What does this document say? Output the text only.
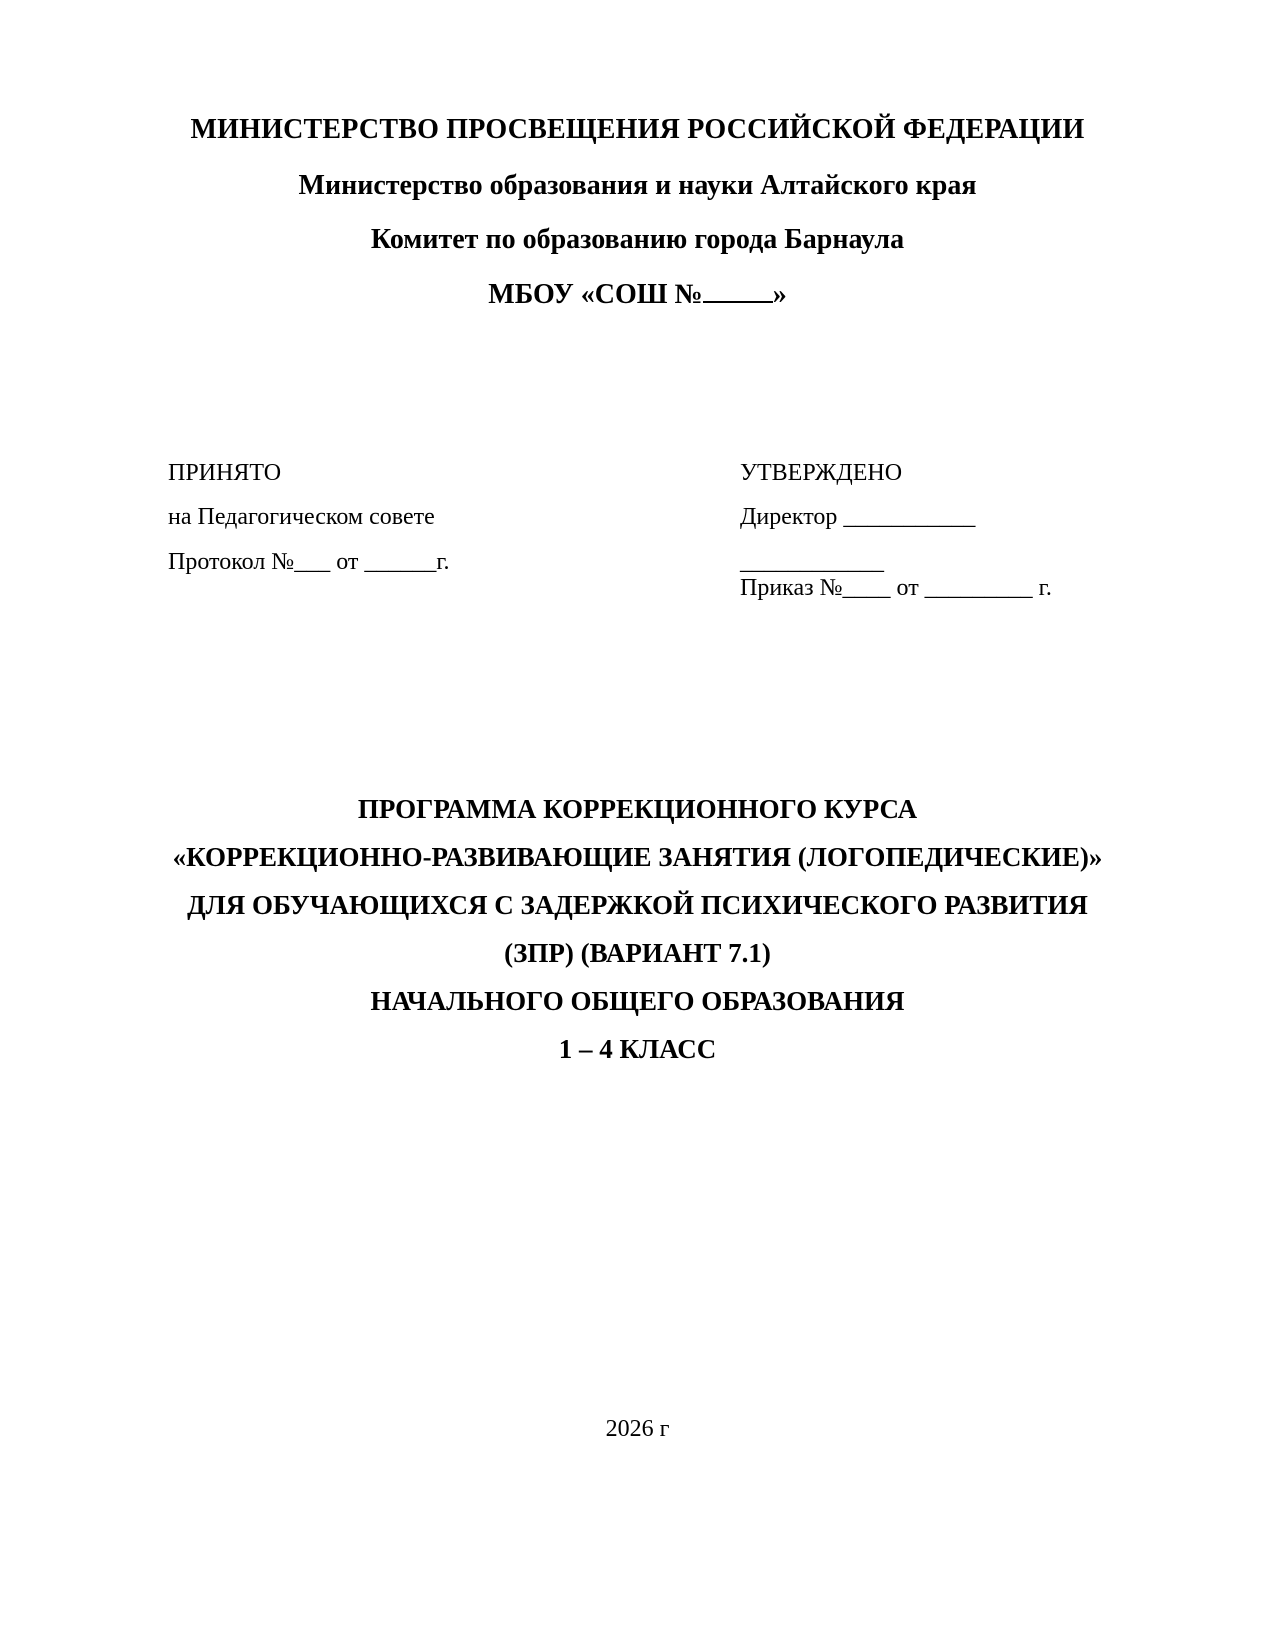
МИНИСТЕРСТВО ПРОСВЕЩЕНИЯ РОССИЙСКОЙ ФЕДЕРАЦИИ
Министерство образования и науки Алтайского края
Комитет по образованию города Барнаула
МБОУ «СОШ №	»
ПРИНЯТО
на Педагогическом совете
Протокол №___ от ______г.
УТВЕРЖДЕНО
Директор ___________
____________
Приказ №____ от _________ г.
ПРОГРАММА КОРРЕКЦИОННОГО КУРСА
«КОРРЕКЦИОННО-РАЗВИВАЮЩИЕ ЗАНЯТИЯ (ЛОГОПЕДИЧЕСКИЕ)»
ДЛЯ ОБУЧАЮЩИХСЯ С ЗАДЕРЖКОЙ ПСИХИЧЕСКОГО РАЗВИТИЯ
(ЗПР) (ВАРИАНТ 7.1)
НАЧАЛЬНОГО ОБЩЕГО ОБРАЗОВАНИЯ
1 – 4 КЛАСС
2026 г
